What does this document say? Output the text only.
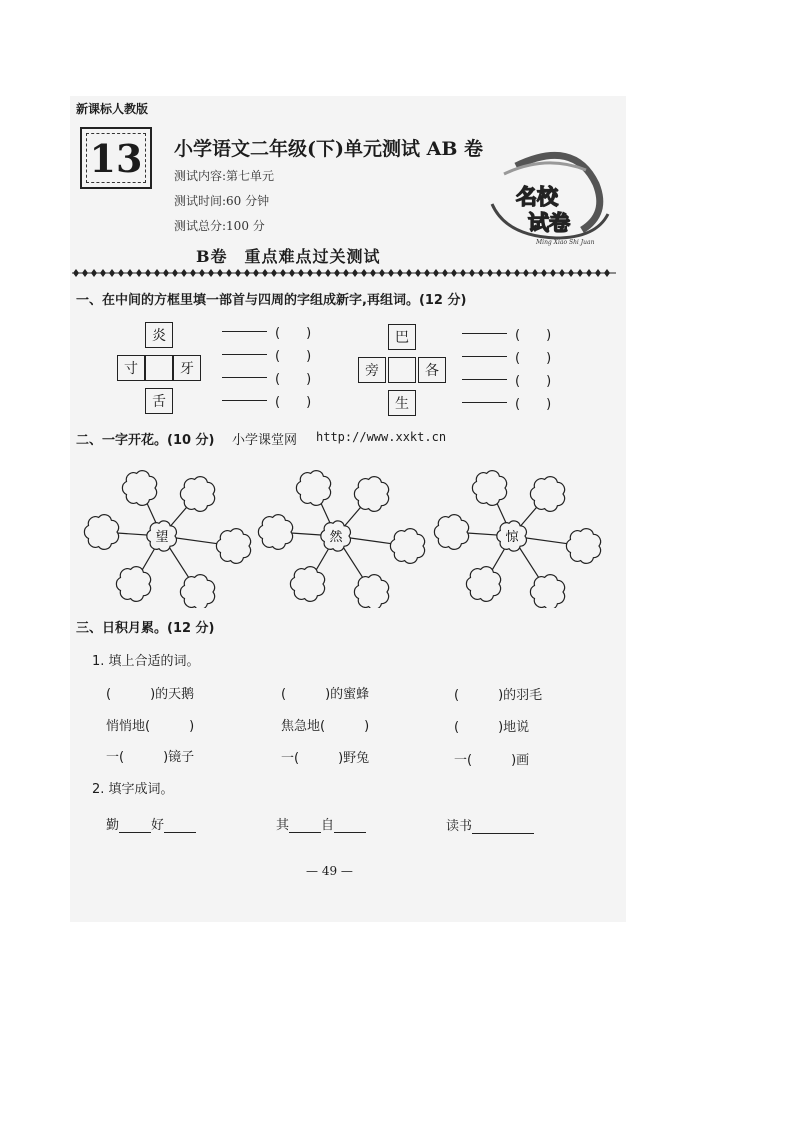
新课标人教版
13 小学语文二年级(下)单元测试 AB 卷
测试内容:第七单元
测试时间:60 分钟
测试总分:100 分
名校
试卷
Ming Xiao Shi Juan
B卷　重点难点过关测试
一、在中间的方框里填一部首与四周的字组成新字,再组词。(12 分)
炎
寸	牙
舌
(　　)
(　　)
(　　)
(　　)
巴
旁	各
生
(　　)
(　　)
(　　)
(　　)
二、一字开花。(10 分) 小学课堂网 http://www.xxkt.cn
望	然	惊
三、日积月累。(12 分)
1. 填上合适的词。
(　　　)的天鹅	(　　　)的蜜蜂	(　　　)的羽毛
悄悄地(　　　)	焦急地(　　　)	(　　　)地说
一(　　　)镜子	一(　　　)野兔	一(　　　)画
2. 填字成词。
勤 好	其 自	读书
— 49 —
